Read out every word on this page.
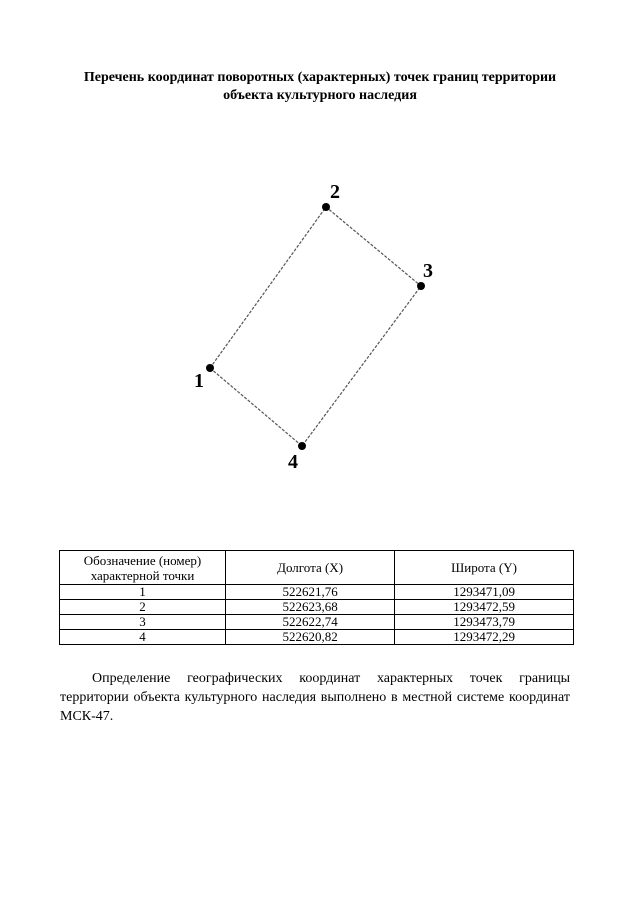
Перечень координат поворотных (характерных) точек границ территории
объекта культурного наследия
1
2
3
4
Обозначение (номер) характерной точки	Долгота (X)	Широта (Y)
1	522621,76	1293471,09
2	522623,68	1293472,59
3	522622,74	1293473,79
4	522620,82	1293472,29

Определение географических координат характерных точек границы территории объекта культурного наследия выполнено в местной системе координат МСК-47.
